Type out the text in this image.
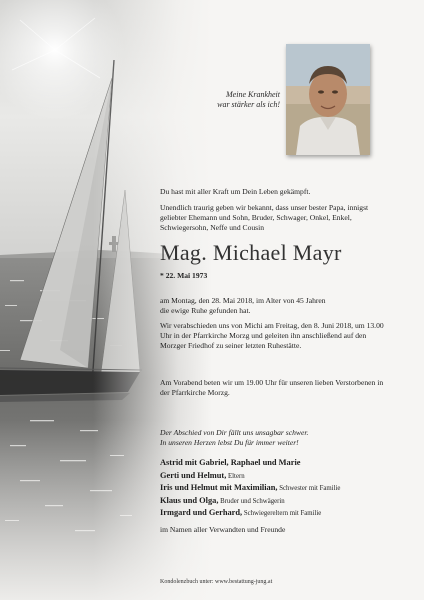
Meine Krankheit
war stärker als ich!

Du hast mit aller Kraft um Dein Leben gekämpft.

Unendlich traurig geben wir bekannt, dass unser bester Papa, innigst geliebter Ehemann und Sohn, Bruder, Schwager, Onkel, Enkel, Schwiegersohn, Neffe und Cousin

Mag. Michael Mayr
* 22. Mai 1973

am Montag, den 28. Mai 2018, im Alter von 45 Jahren

die ewige Ruhe gefunden hat.

Wir verabschieden uns von Michi am Freitag, den 8. Juni 2018, um 13.00 Uhr in der Pfarrkirche Morzg und geleiten ihn anschließend auf den Morzger Friedhof zu seiner letzten Ruhestätte.

Am Vorabend beten wir um 19.00 Uhr für unseren lieben Verstorbenen in der Pfarrkirche Morzg.

Der Abschied von Dir fällt uns unsagbar schwer.
In unseren Herzen lebst Du für immer weiter!
Astrid mit Gabriel, Raphael und Marie
Gerti und Helmut, Eltern
Iris und Helmut mit Maximilian, Schwester mit Familie
Klaus und Olga, Bruder und Schwägerin
Irmgard und Gerhard, Schwiegereltern mit Familie
im Namen aller Verwandten und Freunde
Kondolenzbuch unter: www.bestattung-jung.at
